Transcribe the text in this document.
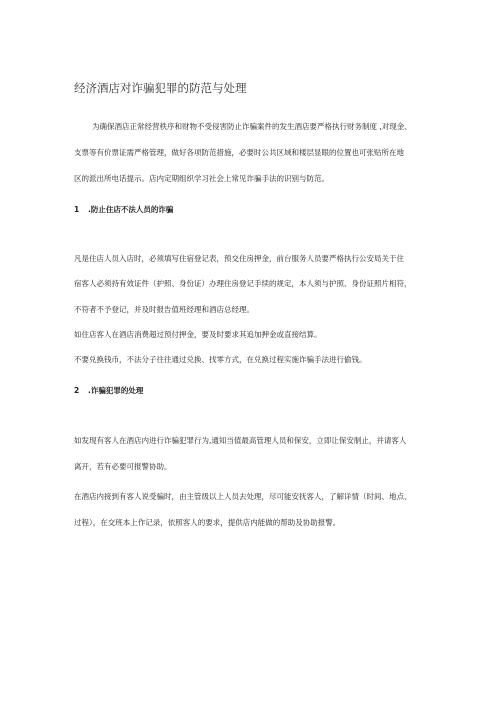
经济酒店对诈骗犯罪的防范与处理
为确保酒店正常经营秩序和财物不受侵害防止诈骗案件的发生酒店要严格执行财务制度 ,对现金、
支票等有价票证需严格管理，做好各项防范措施，必要时公共区域和楼层显眼的位置也可张贴所在地
区的派出所电话提示。店内定期组织学习社会上常见诈骗手法的识别与防范。
1 .防止住店不法人员的诈骗
凡是住店人员入店时，必须填写住宿登记表，预交住房押金，前台服务人员要严格执行公安局关于住
宿客人必须持有效证件（护照、身份证）办理住房登记手续的规定，本人须与护照、身份证照片相符，
不符者不予登记，并及时报告值班经理和酒店总经理。
如住店客人在酒店消费超过预付押金，要及时要求其追加押金或直接结算。
不要兑换钱币，不法分子往往通过兑换、找零方式，在兑换过程实施诈骗手法进行偷钱。
2 .诈骗犯罪的处理
如发现有客人在酒店内进行诈骗犯罪行为,通知当值最高管理人员和保安，立即让保安制止，并请客人
离开，若有必要可报警协助。
在酒店内接到有客人说受骗时，由主管级以上人员去处理，尽可能安抚客人，了解详情（时间、地点、
过程），在交班本上作记录，依照客人的要求，提供店内能做的帮助及协助报警。
